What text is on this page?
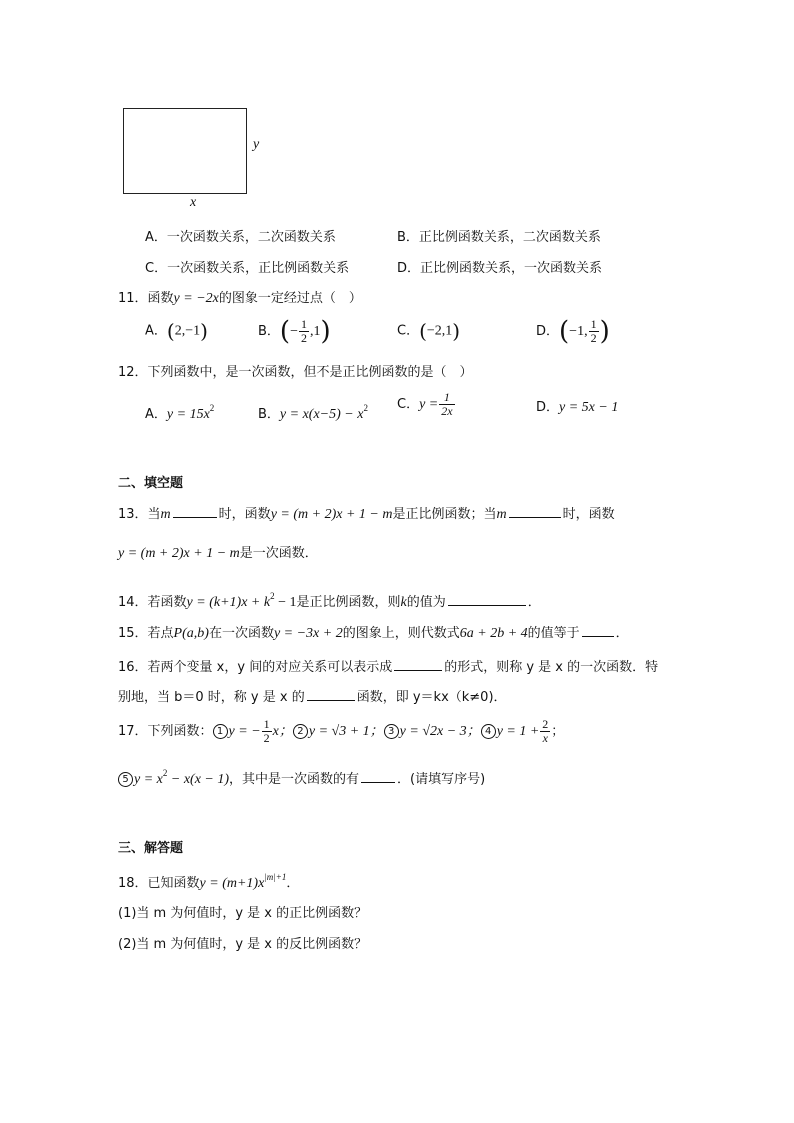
y
x
A．一次函数关系，二次函数关系	B．正比例函数关系，二次函数关系
C．一次函数关系，正比例函数关系	D．正比例函数关系，一次函数关系
11．函数y = −2x的图象一定经过点（　）
A．(2,−1)	B．(− $\frac{1}{2} ,1$)	C．(−2,1)	D．(−1, $\frac{1}{2}$ )
12．下列函数中，是一次函数，但不是正比例函数的是（　）
A．$y = 15x^2$	B．$y = x(x-5) - x^2$ C．$y = \frac{1}{2x}$	D．y = 5x − 1
二、填空题
13．当m	时，函数y = (m + 2)x + 1 − m是正比例函数；当m	时，函数
y = (m + 2)x + 1 − m是一次函数．
14．若函数$y = (k+1)x + k^2 - 1$是正比例函数，则k的值为	．
15．若点P(a,b)在一次函数y = −3x + 2的图象上，则代数式6a + 2b + 4的值等于	．
16．若两个变量 x，y 间的对应关系可以表示成	的形式，则称 y 是 x 的一次函数．特
别地，当 b＝0 时，称 y 是 x 的	函数，即 y＝kx（k≠0)．
17．下列函数： 1 y = − $\frac{1}{2}$ x； 2 y = √3 + 1； 3 y = √2x − 3； 4 $y = 1 + \frac{2}{x}$ ；
5 $y = x^2 - x(x - 1)$，其中是一次函数的有	．(请填写序号)
三、解答题
18．已知函数$y = (m+1)x^{|m|+1}$．
(1)当 m 为何值时，y 是 x 的正比例函数？
(2)当 m 为何值时，y 是 x 的反比例函数？
